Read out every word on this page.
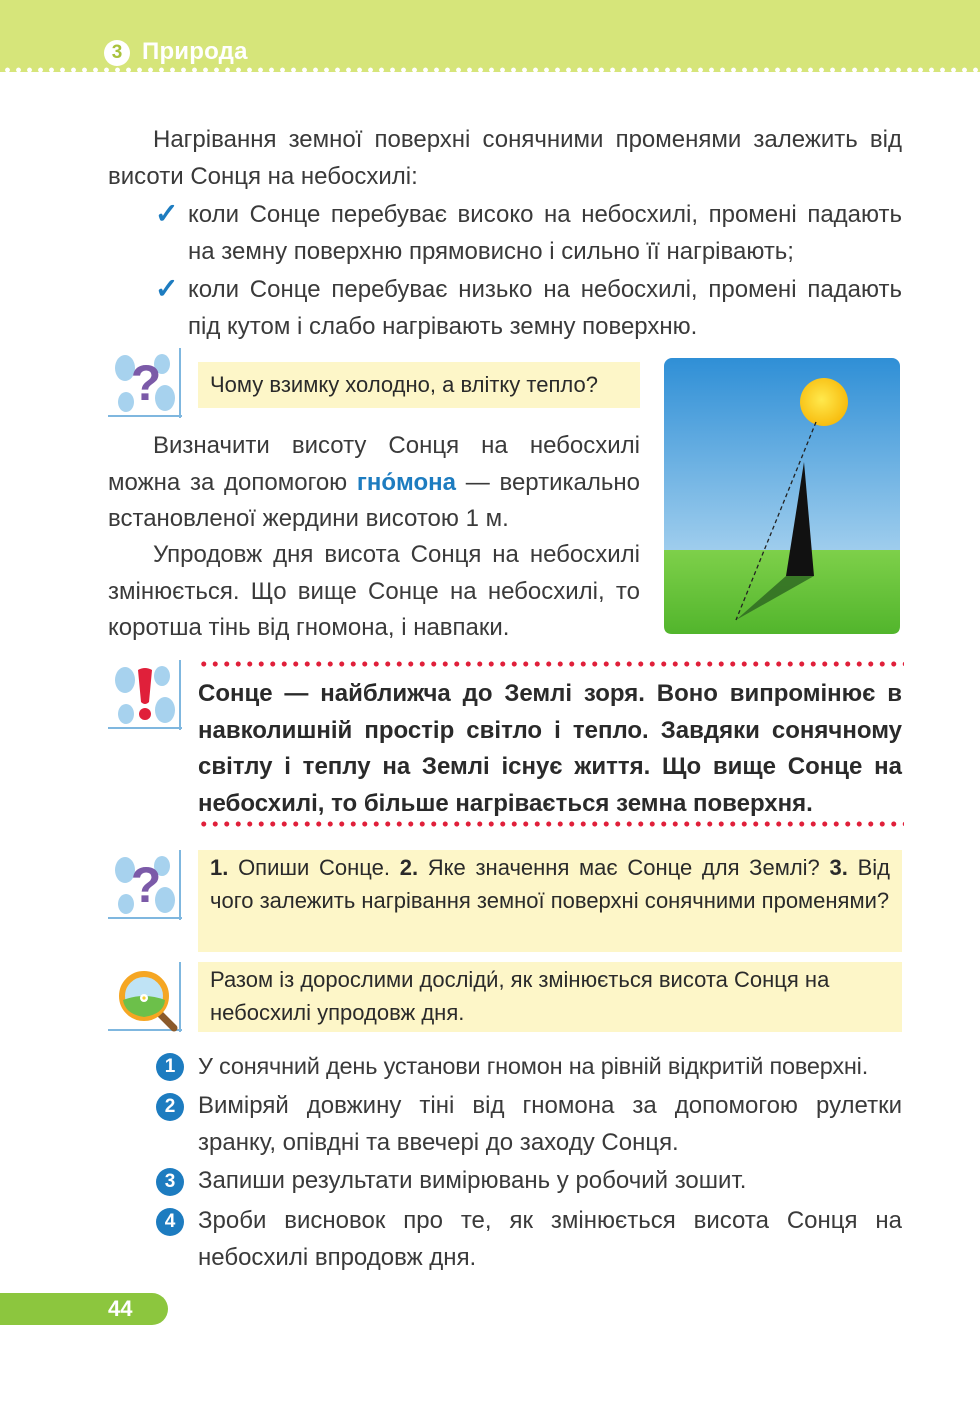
3 Природа
Нагрівання земної поверхні сонячними променями залежить від висоти Сонця на небосхилі:
✓ коли Сонце перебуває високо на небосхилі, промені падають на земну поверхню прямовисно і сильно її нагрівають;
✓ коли Сонце перебуває низько на небосхилі, промені падають під кутом і слабо нагрівають земну поверхню.
? Чому взимку холодно, а влітку тепло?
Визначити висоту Сонця на небосхилі можна за допомогою гно́мона — вертикально встановленої жердини висотою 1 м.
Упродовж дня висота Сонця на небосхилі змінюється. Що вище Сонце на небосхилі, то коротша тінь від гномона, і навпаки.
Сонце — найближча до Землі зоря. Воно випромінює в навколишній простір світло і тепло. Завдяки сонячному світлу і теплу на Землі існує життя. Що вище Сонце на небосхилі, то більше нагрівається земна поверхня.
? 1. Опиши Сонце. 2. Яке значення має Сонце для Землі? 3. Від чого залежить нагрівання земної поверхні сонячними променями?
Разом із дорослими досліди́, як змінюється висота Сонця на небосхилі упродовж дня.
1 У сонячний день установи гномон на рівній відкритій поверхні.
2 Виміряй довжину тіні від гномона за допомогою рулетки зранку, опівдні та ввечері до заходу Сонця.
3 Запиши результати вимірювань у робочий зошит.
4 Зроби висновок про те, як змінюється висота Сонця на небосхилі впродовж дня.
44
